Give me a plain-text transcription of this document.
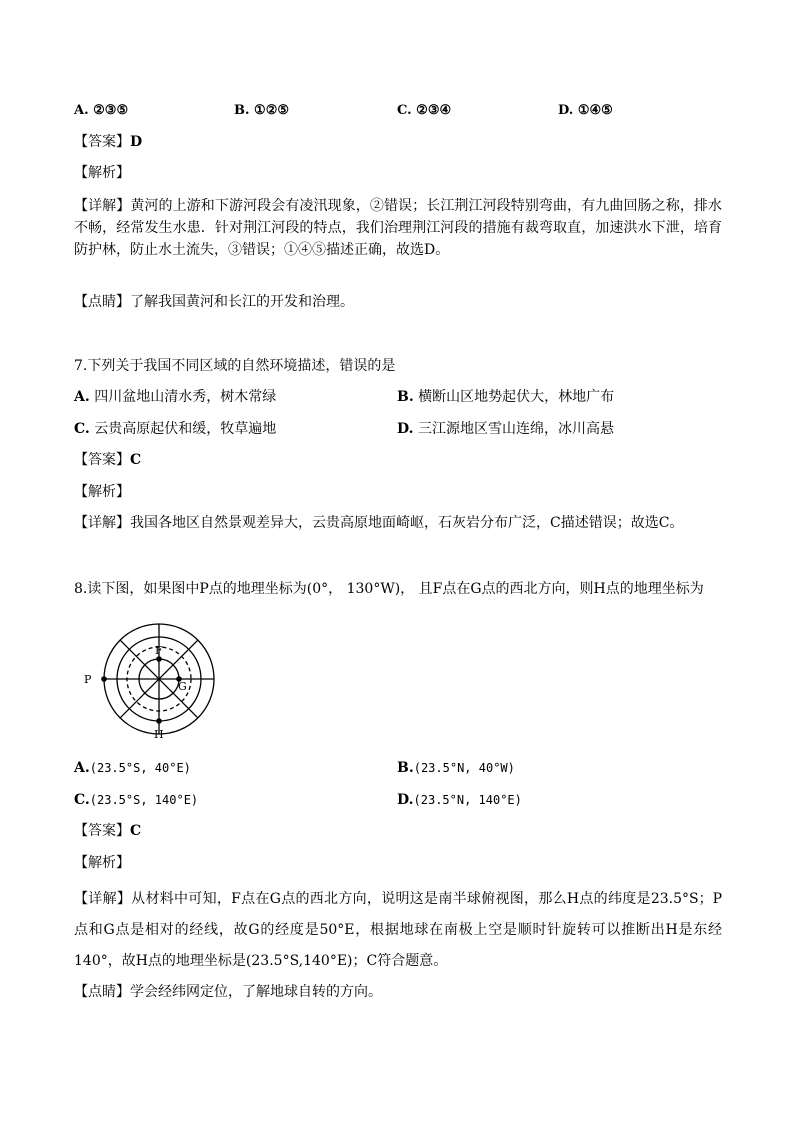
A. ②③⑤	B. ①②⑤	C. ②③④	D. ①④⑤
【答案】D
【解析】
【详解】黄河的上游和下游河段会有凌汛现象，②错误；长江荆江河段特别弯曲，有九曲回肠之称，排水
不畅，经常发生水患．针对荆江河段的特点，我们治理荆江河段的措施有裁弯取直，加速洪水下泄，培育
防护林，防止水土流失，③错误；①④⑤描述正确，故选D。
【点睛】了解我国黄河和长江的开发和治理。
7.下列关于我国不同区域的自然环境描述，错误的是
A. 四川盆地山清水秀，树木常绿	B. 横断山区地势起伏大，林地广布
C. 云贵高原起伏和缓，牧草遍地	D. 三江源地区雪山连绵，冰川高悬
【答案】C
【解析】
【详解】我国各地区自然景观差异大，云贵高原地面崎岖，石灰岩分布广泛，C描述错误；故选C。
8.读下图，如果图中P点的地理坐标为(0°， 130°W)， 且F点在G点的西北方向，则H点的地理坐标为
F
G
P
H
A.(23.5°S, 40°E)	B.(23.5°N, 40°W)
C.(23.5°S, 140°E)	D.(23.5°N, 140°E)
【答案】C
【解析】
【详解】从材料中可知，F点在G点的西北方向，说明这是南半球俯视图，那么H点的纬度是23.5°S；P
点和G点是相对的经线，故G的经度是50°E，根据地球在南极上空是顺时针旋转可以推断出H是东经
140°，故H点的地理坐标是(23.5°S,140°E)；C符合题意。
【点睛】学会经纬网定位，了解地球自转的方向。
